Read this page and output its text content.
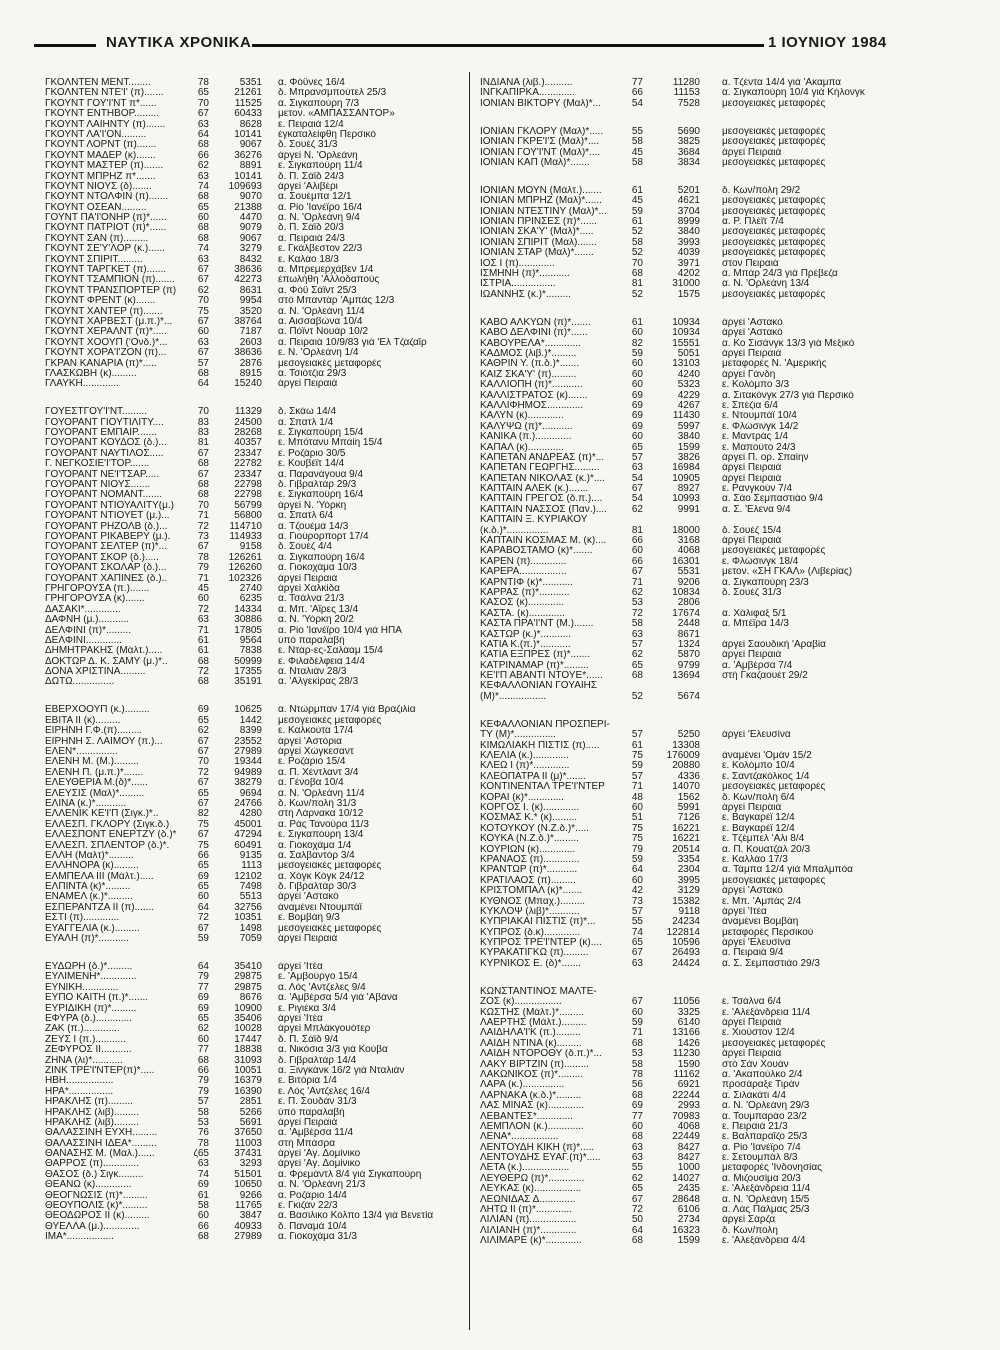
ΝΑΥΤΙΚΑ ΧΡΟΝΙΚΑ	1 ΙΟΥΝΙΟΥ 1984
ΓΚΟΛΝΤΕΝ ΜΕΝΤ........	78	5351 α. Φόϋνες 16/4
ΓΚΟΛΝΤΕΝ ΝΤΕ'Ι' (π).......	65	21261 δ. Μπρανσμπούτελ 25/3
ΓΚΟΥΝΤ ΓΟΥ'Ι'ΝΤ π*......	70	11525 α. Σιγκαπούρη 7/3
ΓΚΟΥΝΤ ΕΝΤΗΒΟΡ.........	67	60433 μετον. «ΑΜΠΑΣΣΑΝΤΟΡ»
ΓΚΟΥΝΤ ΛΑΙΗΝΤΥ (π).......	63	8628 ε. Πειραιά 12/4
ΓΚΟΥΝΤ ΛΑ'Ι'ΟΝ.........	64	10141 έγκαταλείφθη Περσικό
ΓΚΟΥΝΤ ΛΟΡΝΤ (π).......	68	9067 δ. Σουέζ 31/3
ΓΚΟΥΝΤ ΜΑΔΕΡ (κ).......	66	36276 άργεί Ν. 'Ορλεάνη
ΓΚΟΥΝΤ ΜΑΣΤΕΡ (π).......	62	8891 ε. Σιγκαπούρη 11/4
ΓΚΟΥΝΤ ΜΠΡΗΖ π*.......	63	10141 δ. Π. Σάϊδ 24/3
ΓΚΟΥΝΤ ΝΙΟΥΣ (δ).......	74	109693 άργεί 'Αλιβέρι
ΓΚΟΥΝΤ ΝΤΟΛΦΙΝ (π).......	68	9070 α. Σουέμπα 12/1
ΓΚΟΥΝΤ ΟΣΕΑΝ.........	65	21388 α. Ρίο 'Ιανέϊρο 16/4
ΓΟΥΝΤ ΠΑ'Ι'ΟΝΗΡ (π)*......	60	4470 α. Ν. 'Ορλεάνη 9/4
ΓΚΟΥΝΤ ΠΑΤΡΙΟΤ (π)*......	68	9079 δ. Π. Σάϊδ 20/3
ΓΚΟΥΝΤ ΣΑΝ (π).........	68	9067 α. Πειραιά 24/3
ΓΚΟΥΝΤ ΣΕ'Υ'ΛΟΡ (κ.)......	74	3279 ε. Γκάλβεστον 22/3
ΓΚΟΥΝΤ ΣΠΙΡΙΤ.........	63	8432 ε. Καλάο 18/3
ΓΚΟΥΝΤ ΤΑΡΓΚΕΤ (π).......	67	38636 α. Μπρεμερχάβεν 1/4
ΓΚΟΥΝΤ ΤΣΑΜΠΙΟΝ (π).......	67	42273 έπωλήθη 'Αλλοδαπούς
ΓΚΟΥΝΤ ΤΡΑΝΣΠΟΡΤΕΡ (π)	62	8631 α. Φόϋ Σάϊντ 25/3
ΓΚΟΥΝΤ ΦΡΕΝΤ (κ).......	70	9954 στό Μπαντάρ 'Αμπάς 12/3
ΓΚΟΥΝΤ ΧΑΝΤΕΡ (π).......	75	3520 α. Ν. 'Ορλεάνη 11/4
ΓΚΟΥΝΤ ΧΑΡΒΕΣΤ (μ.π.)*...	67	38764 α. Αισσαβώνα 10/4
ΓΚΟΥΝΤ ΧΕΡΑΛΝΤ (π)*.....	60	7187 α. Πόϊντ Νουάρ 10/2
ΓΚΟΥΝΤ ΧΟΟΥΠ ('Ονδ.)*...	63	2603 α. Πειραιά 10/9/83 γιά 'Ελ Τζαζαΐρ
ΓΚΟΥΝΤ ΧΟΡΑ'Ι'ΖΟΝ (π)...	67	38636 ε. Ν. 'Ορλεάνη 1/4
ΓΚΡΑΝ ΚΑΝΑΡΙΑ (π)*.....	57	2876 μεσογειακές μεταφορές
ΓΛΑΣΚΩΒΗ (κ).........	68	8915 α. Τσιότζια 29/3
ΓΛΑΥΚΗ.............	64	15240 άργεί Πειραιά
ΓΟΥΕΣΤΓΟΥ'Ι'ΝΤ.........	70	11329 δ. Σκάω 14/4
ΓΟΥΟΡΑΝΤ ΓΙΟΥΤΙΛΙΤΥ....	83	24500 α. Σπατλ 1/4
ΓΟΥΟΡΑΝΤ ΕΜΠΑΙΡ.......	83	28268 ε. Σιγκαπούρη 15/4
ΓΟΥΟΡΑΝΤ ΚΟΥΔΟΣ (δ.)...	81	40357 ε. Μπότανυ Μπαίη 15/4
ΓΟΥΟΡΑΝΤ ΝΑΥΤΙΛΟΣ.....	67	23347 ε. Ροζάριο 30/5
Γ. ΝΕΓΚΟΣΙΕ'Ι'ΤΟΡ.......	68	22782 ε. Κουβέϊτ 14/4
ΓΟΥΟΡΑΝΤ ΝΕ'Ι'ΤΣΑΡ.....	67	23347 α. Παρανάγουα 9/4
ΓΟΥΟΡΑΝΤ ΝΙΟΥΣ.......	68	22798 δ. Γιβραλτάρ 29/3
ΓΟΥΟΡΑΝΤ ΝΟΜΑΝΤ.......	68	22798 ε. Σιγκαπούρη 16/4
ΓΟΥΟΡΑΝΤ ΝΤΙΟΥΑΛΙΤΥ(μ.)	70	56799 άργεί Ν. 'Υόρκη
ΓΟΥΟΡΑΝΤ ΝΤΙΟΥΕΤ (μ.)...	71	56800 α. Σπατλ 6/4
ΓΟΥΟΡΑΝΤ ΡΗΖΟΛΒ (δ.)...	72	114710 α. Τζουέμα 14/3
ΓΟΥΟΡΑΝΤ ΡΙΚΑΒΕΡΥ (μ.).	73	114933 α. Γιούρορπορτ 17/4
ΓΟΥΟΡΑΝΤ ΣΕΛΤΕΡ (π)*...	67	9158 δ. Σουέζ 4/4
ΓΟΥΟΡΑΝΤ ΣΚΟΡ (δ.).....	78	126261 α. Σιγκαπούρη 16/4
ΓΟΥΟΡΑΝΤ ΣΚΟΛΑΡ (δ.)...	79	126260 α. Γιοκοχάμα 10/3
ΓΟΥΟΡΑΝΤ ΧΑΠΙΝΕΣ (δ.)..	71	102326 άργεί Πειραιά
ΓΡΗΓΟΡΟΥΣΑ (π.).......	45	2740 άργεί Χαλκίδα
ΓΡΗΓΟΡΟΥΣΑ (κ).......	60	6235 α. Τσάλνα 21/3
ΔΑΣΑΚΙ*.............	72	14334 α. Μπ. 'Αΐρες 13/4
ΔΑΦΝΗ (μ.)...........	63	30886 α. Ν. 'Υόρκη 20/2
ΔΕΛΦΙΝΙ (π)*.........	71	17805 α. Ρίο 'Ιανέϊρο 10/4 γιά ΗΠΑ
ΔΕΛΦΙΝΙ.............	61	9564 ύπό παραλαβή
ΔΗΜΗΤΡΑΚΗΣ (Μάλτ.).....	61	7838 ε. Ντάρ-ες-Σαλάαμ 15/4
ΔΟΚΤΩΡ Δ. Κ. ΣΑΜΥ (μ.)*..	68	50999 ε. Φιλαδέλφεια 14/4
ΔΟΝΑ ΧΡΙΣΤΙΝΑ.........	72	17355 α. Νταλιάν 28/3
ΔΩΤΩ...............	68	35191 α. 'Αλγεκίρας 28/3
ΕΒΕΡΧΟΟΥΠ (κ.).........	69	10625 α. Ντώρμπαν 17/4 γιά Βραζιλία
ΕΒΙΤΑ ΙΙ (κ).........	65	1442 μεσογειακές μεταφορές
ΕΙΡΗΝΗ Γ.Φ.(π).........	62	8399 ε. Καλκούτα 17/4
ΕΙΡΗΝΗ Σ. ΛΑΙΜΟΥ (π.)...	67	23552 άργεί 'Αστόρια
ΕΛΕΝ*...............	67	27989 άργεί Χώγκεσαντ
ΕΛΕΝΗ Μ. (Μ.).........	70	19344 ε. Ροζάριο 15/4
ΕΛΕΝΗ Π. (μ.π.)*.......	72	94989 α. Π. Χέντλαντ 3/4
ΕΛΕΥΘΕΡΙΑ Μ.(δ)*......	67	38279 α. Γένοβα 10/4
ΕΛΕΥΣΙΣ (Μαλ)*.........	65	9694 α. Ν. 'Ορλεάνη 11/4
ΕΛΙΝΑ (κ.)*...........	67	24766 δ. Κων/πολη 31/3
ΕΛΛΕΝΙΚ ΚΕ'Ι'Π (Σιγκ.)*..	82	4280 στή Λάρνακα 10/12
ΕΛΛΕΣΠ. ΓΚΛΟΡΥ (Σιγκ.δ.)	75	45001 α. Ράς Τανούρα 11/3
ΕΛΛΕΣΠΟΝΤ ΕΝΕΡΤΖΥ (δ.)*	67	47294 ε. Σιγκαπούρη 13/4
ΕΛΛΕΣΠ. ΣΠΛΕΝΤΟΡ (δ.)*.	75	60491 α. Γιοκοχάμα 1/4
ΕΛΛΗ (Μαλτ)*.........	66	9135 α. Σαλβαντόρ 3/4
ΕΛΛΗΝΟΡΑ (κ).........	65	1113 μεσογειακές μεταφορές
ΕΛΜΠΕΛΑ ΙΙΙ (Μάλτ.).....	69	12102 α. Χόγκ Κόγκ 24/12
ΕΛΠΙΝΤΑ (κ)*.........	65	7498 δ. Γιβραλτάρ 30/3
ΕΝΑΜΕΛ (κ.)*.........	60	5513 άργεί 'Αστακό
ΕΣΠΕΡΑΝΤΖΑ ΙΙ (π).......	64	32756 άναμένει Ντουμπάϊ
ΕΣΤΙ (π).............	72	10351 ε. Βομβάη 9/3
ΕΥΑΓΓΕΛΙΑ (κ.).........	67	1498 μεσογειακές μεταφορές
ΕΥΑΛΗ (π)*...........	59	7059 άργεί Πειραιά
ΕΥΔΩΡΗ (δ.)*.........	64	35410 άργεί 'Ιτέα
ΕΥΛΙΜΕΝΗ*.............	79	29875 ε. 'Αμβούργο 15/4
ΕΥΝΙΚΗ.............	77	29875 α. Λός 'Αντζελες 9/4
ΕΥΠΟ ΚΑΙΤΗ (π.)*.......	69	8676 α. 'Αμβέρσα 5/4 γιά 'Αβάνα
ΕΥΡΙΔΙΚΗ (π)*.........	69	10900 ε. Ριγιέκα 3/4
ΕΦΥΡΑ (δ.).............	65	35406 άργεί 'Ιτέα
ΖΑΚ (π.).............	62	10028 άργεί Μπλάκγουότερ
ΖΕΥΣ Ι (π.)...........	60	17447 δ. Π. Σάϊδ 9/4
ΖΕΦΥΡΟΣ ΙΙ...........	77	18838 α. Νικόσια 3/3 γιά Κούβα
ΖΗΝΑ (λι)*...........	68	31093 δ. Γιβραλτάρ 14/4
ΖΙΝΚ ΤΡΕ'Ι'ΝΤΕΡ(π)*.....	66	10051 α. Ξινγκάνκ 16/2 γιά Νταλιάν
ΗΒΗ.................	79	16379 ε. Βιτόρια 1/4
ΗΡΑ*................	79	16390 ε. Λός 'Αντζελες 16/4
ΗΡΑΚΛΗΣ (π).........	57	2851 ε. Π. Σουδάν 31/3
ΗΡΑΚΛΗΣ (λιβ).........	58	5266 ύπό παραλαβή
ΗΡΑΚΛΗΣ (λιβ).........	53	5691 άργεί Πειραιά
ΘΑΛΑΣΣΙΝΗ ΕΥΧΗ.........	76	37650 α. 'Αμβέρσα 11/4
ΘΑΛΑΣΣΙΝΗ ΙΔΕΑ*.........	78	11003 στή Μπάσρα
ΘΑΝΑΣΗΣ Μ. (Μαλ.)......	ζ65	37431 άργεί 'Αγ. Δομίνικο
ΘΑΡΡΟΣ (π).............	63	3293 άργεί 'Αγ. Δομίνικο
ΘΑΣΟΣ (δ.) Σιγκ.........	74	51501 α. Φρεμάντλ 8/4 γιά Σιγκαπούρη
ΘΕΑΝΩ (κ).............	69	10650 α. Ν. 'Ορλεάνη 21/3
ΘΕΟΓΝΩΣΙΣ (π)*.........	61	9266 α. Ροζάριο 14/4
ΘΕΟΥΠΟΛΙΣ (κ)*.........	58	11765 ε. Γκιζάν 22/3
ΘΕΟΔΩΡΟΣ ΙΙ (κ).........	60	3847 α. Βασιλικο Κόλπο 13/4 γιά Βενετία
ΘΥΕΛΛΑ (μ.).............	66	40933 δ. Παναμά 10/4
ΙΜΑ*.................	68	27989 α. Γιοκοχάμα 31/3
ΙΝΔΙΑΝΑ (λιβ.)..........	77	11280 α. Τζέντα 14/4 γιά 'Ακαμπα
ΙΝΓΚΑΠΙΡΚΑ.............	66	11153 α. Σιγκαπούρη 10/4 γιά Κήλονγκ
ΙΟΝΙΑΝ ΒΙΚΤΟΡΥ (Μαλ)*...	54	7528 μεσογειακές μεταφορές
ΙΟΝΙΑΝ ΓΚΛΟΡΥ (Μαλ)*.....	55	5690 μεσογειακές μεταφορές
ΙΟΝΙΑΝ ΓΚΡΕ'Ι'Σ (Μαλ)*....	58	3825 μεσογειακές μεταφορές
ΙΟΝΙΑΝ ΓΟΥ'Ι'ΝΤ (Μαλ)*....	45	3684 άργεί Πειραιά
ΙΟΝΙΑΝ ΚΑΠ (Μαλ)*.......	58	3834 μεσογειακές μεταφορές
ΙΟΝΙΑΝ ΜΟΥΝ (Μάλτ.).......	61	5201 δ. Κων/πολη 29/2
ΙΟΝΙΑΝ ΜΠΡΗΖ (Μαλ)*......	45	4621 μεσογειακές μεταφορές
ΙΟΝΙΑΝ ΝΤΕΣΤΙΝΥ (Μαλ)*...	59	3704 μεσογειακές μεταφορές
ΙΟΝΙΑΝ ΠΡΙΝΣΕΣ (π)*......	61	8999 α. Ρ. Πλέϊτ 7/4
ΙΟΝΙΑΝ ΣΚΑ'Υ' (Μαλ)*.....	52	3840 μεσογειακές μεταφορές
ΙΟΝΙΑΝ ΣΠΙΡΙΤ (Μαλ).......	58	3993 μεσογειακές μεταφορές
ΙΟΝΙΑΝ ΣΤΑΡ (Μαλ)*.......	52	4039 μεσογειακές μεταφορές
ΙΟΣ Ι (π).............	70	3971 στον Πειραιά
ΙΣΜΗΝΗ (π)*...........	68	4202 α. Μπάρ 24/3 γιά Πρέβεζα
ΙΣΤΡΙΑ................	81	31000 α. Ν. 'Ορλεάνη 13/4
ΙΩΑΝΝΗΣ (κ.)*.........	52	1575 μεσογειακές μεταφορές
ΚΑΒΟ ΑΛΚΥΩΝ (π)*.......	61	10934 άργεί 'Αστακό
ΚΑΒΟ ΔΕΛΦΙΝΙ (π)*......	60	10934 άργεί 'Αστακό
ΚΑΒΟΥΡΕΛΑ*.............	82	15551 α. Κο Σισάνγκ 13/3 γιά Μεξικό
ΚΑΔΜΟΣ (λιβ.)*.........	59	5051 άργεί Πειραιά
ΚΑΘΡΙΝ Υ. (π.δ.)*.......	60	13103 μεταφορές Ν. 'Αμερικής
ΚΑΙΖ ΣΚΑ'Υ' (π).........	60	4240 άργεί Γάνδη
ΚΑΛΛΙΟΠΗ (π)*...........	60	5323 ε. Κολόμπο 3/3
ΚΑΛΛΙΣΤΡΑΤΟΣ (κ).......	69	4229 α. Σιτακόνγκ 27/3 γιά Περσικό
ΚΑΛΛΙΦΗΜΟΣ.............	69	4267 ε. Σπέζια 6/4
ΚΑΛΥΝ (κ).............	69	11430 ε. Ντουμπάϊ 10/4
ΚΑΛΥΨΩ (π)*...........	69	5997 ε. Φλώσινγκ 14/2
ΚΑΝΙΚΑ (π.).............	60	3840 ε. Μαντράς 1/4
ΚΑΠΑΛ (κ).............	65	1599 ε. Μαπούτο 24/3
ΚΑΠΕΤΑΝ ΑΝΔΡΕΑΣ (π)*...	57	3826 άργεί Π. ορ. Σπαίην
ΚΑΠΕΤΑΝ ΓΕΩΡΓΗΣ.........	63	16984 άργεί Πειραιά
ΚΑΠΕΤΑΝ ΝΙΚΟΛΑΣ (κ.)*....	54	10905 άργεί Πειραιά
ΚΑΠΤΑΙΝ ΑΛΕΚ (κ.).......	67	8927 ε. Ρανγκούν 7/4
ΚΑΠΤΑΙΝ ΓΡΕΓΟΣ (δ.π.)....	54	10993 α. Σάο Σεμπαστιάο 9/4
ΚΑΠΤΑΙΝ ΝΑΣΣΟΣ (Παν.)....	62	9991 α. Σ. 'Ελενα 9/4
ΚΑΠΤΑΙΝ Ξ. ΚΥΡΙΑΚΟΥ
(κ.δ.)*...............	81	18000 δ. Σουέζ 15/4
ΚΑΠΤΑΙΝ ΚΟΣΜΑΣ Μ. (κ)....	66	3168 άργεί Πειραιά
ΚΑΡΑΒΟΣΤΑΜΟ (κ)*.......	60	4068 μεσογειακές μεταφορές
ΚΑΡΕΝ (π).............	66	16301 ε. Φλώσινγκ 18/4
ΚΑΡΕΡΑ.................	67	5531 μετον. «ΣΗ ΓΚΑΛ» (Λιβερίας)
ΚΑΡΝΤΙΦ (κ)*...........	71	9206 α. Σιγκαπούρη 23/3
ΚΑΡΡΑΣ (π)*...........	62	10834 δ. Σουέζ 31/3
ΚΑΣΟΣ (κ).............	53	2806
ΚΑΣΤΑ. (κ).............	72	17674 α. Χάλιφαξ 5/1
ΚΑΣΤΑ ΠΡΑ'Ι'ΝΤ (Μ.).......	58	2448 α. Μπέϊρα 14/3
ΚΑΣΤΩΡ (κ.)*...........	63	8671
ΚΑΤΙΑ Κ.(π.)*...........	57	1324 άργεί Σαουδική 'Αραβία
ΚΑΤΙΑ ΕΞΠΡΕΣ (π)*.......	62	5870 άργεί Πειραιά
ΚΑΤΡΙΝΑΜΑΡ (π)*.........	65	9799 α. 'Αμβέρσα 7/4
ΚΕ'Ι'Π ΑΒΑΝΤΙ ΝΤΟΥΕ*......	68	13694 στή Γκαζαουέτ 29/2
ΚΕΦΑΛΛΟΝΙΑΝ ΓΟΥΑΙΗΣ
(Μ)*.................	52	5674
ΚΕΦΑΛΛΟΝΙΑΝ ΠΡΟΣΠΕΡΙ-
ΤΥ (Μ)*...............	57	5250 άργεί 'Ελευσίνα
ΚΙΜΩΛΙΑΚΗ ΠΙΣΤΙΣ (π).....	61	13308
ΚΛΕΛΙΑ (κ.).............	75	176009 άναμένει 'Ομάν 15/2
ΚΛΕΩ Ι (π)*.............	59	20880 ε. Κολόμπο 10/4
ΚΛΕΟΠΑΤΡΑ ΙΙ (μ)*.......	57	4336 ε. Σαντζακόλκος 1/4
ΚΟΝΤΙΝΕΝΤΑΛ ΤΡΕ'Ι'ΝΤΕΡ	71	14070 μεσογειακές μεταφορές
ΚΟΡΑΙ (κ)*.............	48	1562 δ. Κων/πολη 6/4
ΚΟΡΓΟΣ Ι. (κ).............	60	5991 άργεί Πειραιά
ΚΟΣΜΑΣ Κ.* (κ).........	51	7126 ε. Βαγκαρέϊ 12/4
ΚΟΤΟΥΚΟΥ (Ν.Ζ.δ.)*.....	75	16221 ε. Βαγκαρέϊ 12/4
ΚΟΥΚΑ (Ν.Ζ.δ.)*.........	75	16221 ε. Τζέμπελ 'Αλι 8/4
ΚΟΥΡΙΩΝ (κ).............	79	20514 α. Π. Κουατζάλ 20/3
ΚΡΑΝΑΟΣ (π).............	59	3354 ε. Καλλάο 17/3
ΚΡΑΝΤΩΡ (π)*...........	64	2304 α. Τάμπα 12/4 γιά Μπαλμπόα
ΚΡΑΤΙΛΑΟΣ (π).........	60	3995 μεσογειακές μεταφορές
ΚΡΙΣΤΟΜΠΑΛ (κ)*.......	42	3129 άργεί 'Αστακό
ΚΥΘΝΟΣ (Μπαχ.).........	73	15382 ε. Μπ. 'Αμπάς 2/4
ΚΥΚΛΟΨ (λιβ)*...........	57	9118 άργεί 'Ιτέα
ΚΥΠΡΙΑΚΑΙ ΠΙΣΤΙΣ (π)*...	55	24234 άναμένει Βομβάη
ΚΥΠΡΟΣ (δ.κ).............	74	122814 μεταφορές Περσικού
ΚΥΠΡΟΣ ΤΡΕ'Ι'ΝΤΕΡ (κ)....	65	10596 άργεί 'Ελευσίνα
ΚΥΡΑΚΑΤΙΓΚΩ (π).........	67	26493 α. Πειραιά 9/4
ΚΥΡΝΙΚΟΣ Ε. (δ)*.......	63	24424 α. Σ. Σεμπαστιάο 29/3
ΚΩΝΣΤΑΝΤΙΝΟΣ ΜΑΛΤΕ-
ΖΟΣ (κ).................	67	11056 ε. Τσάλνα 6/4
ΚΩΣΤΗΣ (Μάλτ.)*.........	60	3325 ε. 'Αλεξάνδρεια 11/4
ΛΑΕΡΤΗΣ (Μάλτ.).........	59	6140 άργεί Πειραιά
ΛΑΙΔΗΛΑ'Ι'Κ (π.).........	71	13166 ε. Χιούστον 12/4
ΛΑΙΔΗ ΝΤΙΝΑ (κ).........	68	1426 μεσογειακές μεταφορές
ΛΑΙΔΗ ΝΤΟΡΟΘΥ (δ.π.)*...	53	11230 άργεί Πειραιά
ΛΑΚΥ ΒΙΡΤΖΙΝ (π).........	58	1590 στό Σάν Χουάν
ΛΑΚΩΝΙΚΟΣ (π)*.........	78	11162 α. 'Ακαπούλκο 2/4
ΛΑΡΑ (κ.)...............	56	6921 προσάραξε Τιράν
ΛΑΡΝΑΚΑ (κ.δ.)*.........	68	22244 α. Σιλακάτι 4/4
ΛΑΣ ΜΙΝΑΣ (κ).............	69	2993 α. Ν. 'Ορλεάνη 29/3
ΛΕΒΑΝΤΕΣ*.............	77	70983 α. Τουμπαράο 23/2
ΛΕΜΠΛΟΝ (κ.).............	60	4068 ε. Πειραιά 21/3
ΛΕΝΑ*.................	68	22449 ε. Βαλπαραΐζο 25/3
ΛΕΝΤΟΥΔΗ ΚΙΚΗ (π)*.....	63	8427 α. Ρίο 'Ιανέϊρο 7/4
ΛΕΝΤΟΥΔΗΣ ΕΥΑΓ.(π)*.....	63	8427 ε. Σετουμπάλ 8/3
ΛΕΤΑ (κ.).................	55	1000 μεταφορές 'Ινδονησίας
ΛΕΥΘΕΡΩ (π)*.............	62	14027 α. Μιζουσίμα 20/3
ΛΕΥΚΑΣ (κ).................	65	2435 ε. 'Αλεξάνδρεια 11/4
ΛΕΩΝΙΔΑΣ Δ.............	67	28648 α. Ν. 'Ορλεάνη 15/5
ΛΗΤΩ ΙΙ (π)*.............	72	6106 α. Λάς Πάλμας 25/3
ΛΙΛΙΑΝ (π).................	50	2734 άργεί Σάρζα
ΛΙΛΙΑΝΗ (π)*.............	64	16323 δ. Κων/πολη
ΛΙΛΙΜΑΡΕ (κ)*.............	68	1599 ε. 'Αλεξάνδρεια 4/4
